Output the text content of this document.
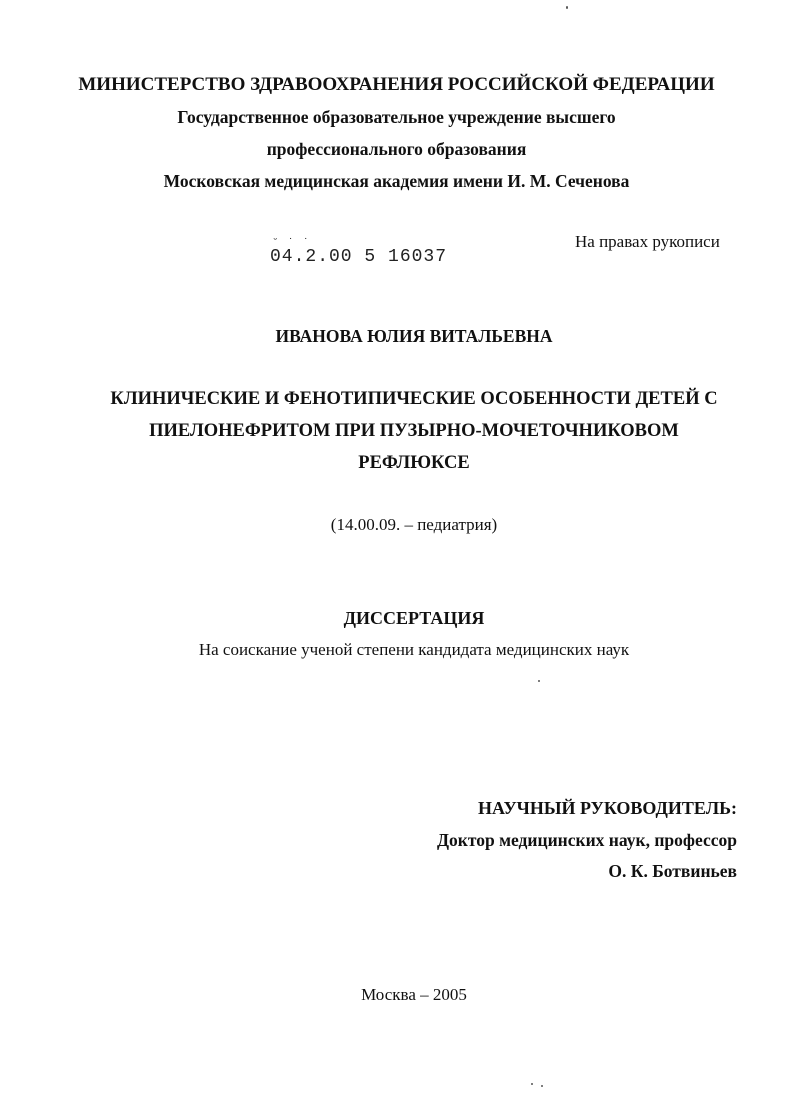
МИНИСТЕРСТВО ЗДРАВООХРАНЕНИЯ РОССИЙСКОЙ ФЕДЕРАЦИИ
Государственное образовательное учреждение высшего
профессионального образования
Московская медицинская академия имени И. М. Сеченова
На правах рукописи
˘ ˙ ˙
04.2.00 5 16037
ИВАНОВА ЮЛИЯ ВИТАЛЬЕВНА
КЛИНИЧЕСКИЕ И ФЕНОТИПИЧЕСКИЕ ОСОБЕННОСТИ ДЕТЕЙ С
ПИЕЛОНЕФРИТОМ ПРИ ПУЗЫРНО-МОЧЕТОЧНИКОВОМ
РЕФЛЮКСЕ
(14.00.09. – педиатрия)
ДИССЕРТАЦИЯ
На соискание ученой степени кандидата медицинских наук
НАУЧНЫЙ РУКОВОДИТЕЛЬ:
Доктор медицинских наук, профессор
О. К. Ботвиньев
Москва – 2005
